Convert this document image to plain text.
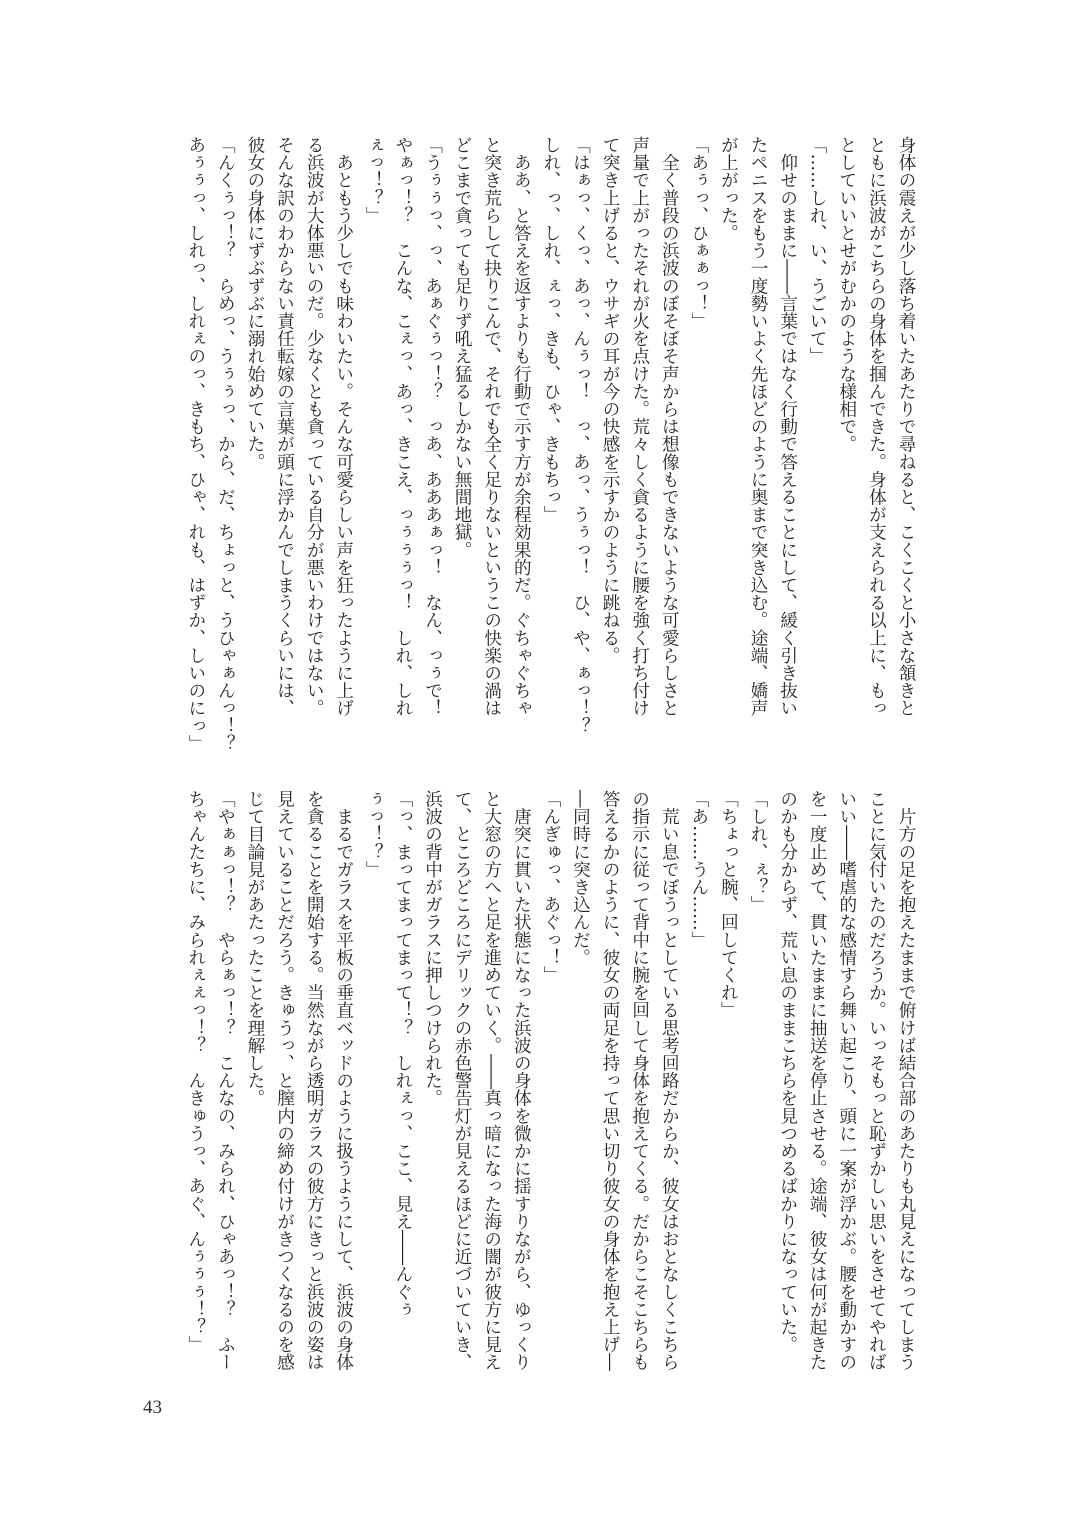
身体の震えが少し落ち着いたあたりで尋ねると、こくこくと小さな頷きと
ともに浜波がこちらの身体を掴んできた。身体が支えられる以上に、もっ
としていいとせがむかのような様相で。
「……しれ、い、うごいて」
　仰せのままに――言葉ではなく行動で答えることにして、緩く引き抜い
たペニスをもう一度勢いよく先ほどのように奥まで突き込む。途端、嬌声
が上がった。
「あぅっ、ひぁぁっ！」
　全く普段の浜波のぼそぼそ声からは想像もできないような可愛らしさと
声量で上がったそれが火を点けた。荒々しく貪るように腰を強く打ち付け
て突き上げると、ウサギの耳が今の快感を示すかのように跳ねる。
「はぁっ、くっ、あっ、んぅっ！　っ、あっ、うぅっ！　ひ、や、ぁっ！？
しれ、っ、しれ、ぇっ、きも、ひゃ、きもちっ」
　ああ、と答えを返すよりも行動で示す方が余程効果的だ。ぐちゃぐちゃ
と突き荒らして抉りこんで、それでも全く足りないというこの快楽の渦は
どこまで貪っても足りず吼え猛るしかない無間地獄。
「うぅぅっ、っ、あぁぐぅっ！？　っあ、あああぁっ！　なん、っぅで！
やぁっ！？　こんな、こぇっ、あっ、きこえ、っぅぅぅっ！　しれ、しれ
ぇっ！？」
　あともう少しでも味わいたい。そんな可愛らしい声を狂ったように上げ
る浜波が大体悪いのだ。少なくとも貪っている自分が悪いわけではない。
そんな訳のわからない責任転嫁の言葉が頭に浮かんでしまうくらいには、
彼女の身体にずぶずぶに溺れ始めていた。
「んくぅっ！？　らめっ、うぅぅっ、から、だ、ちょっと、うひゃぁんっ！？
あぅぅっ、しれっ、しれぇのっ、きもち、ひゃ、れも、はずか、しいのにっ」
　片方の足を抱えたままで俯けば結合部のあたりも丸見えになってしまう
ことに気付いたのだろうか。いっそもっと恥ずかしい思いをさせてやれば
いい――嗜虐的な感情すら舞い起こり、頭に一案が浮かぶ。腰を動かすの
を一度止めて、貫いたままに抽送を停止させる。途端、彼女は何が起きた
のかも分からず、荒い息のままこちらを見つめるばかりになっていた。
「しれ、ぇ？」
「ちょっと腕、回してくれ」
「あ……うん……」
　荒い息でぼうっとしている思考回路だからか、彼女はおとなしくこちら
の指示に従って背中に腕を回して身体を抱えてくる。だからこそこちらも
答えるかのように、彼女の両足を持って思い切り彼女の身体を抱え上げ―
―同時に突き込んだ。
「んぎゅっ、あぐっ！」
　唐突に貫いた状態になった浜波の身体を微かに揺すりながら、ゆっくり
と大窓の方へと足を進めていく。――真っ暗になった海の闇が彼方に見え
て、ところどころにデリックの赤色警告灯が見えるほどに近づいていき、
浜波の背中がガラスに押しつけられた。
「っ、まってまってまって！？　しれぇっ、ここ、見え――んぐぅ
ぅっ！？」
　まるでガラスを平板の垂直ベッドのように扱うようにして、浜波の身体
を貪ることを開始する。当然ながら透明ガラスの彼方にきっと浜波の姿は
見えていることだろう。きゅうっ、と膣内の締め付けがきつくなるのを感
じて目論見があたったことを理解した。
「やぁぁっ！？　やらぁっ！？　こんなの、みられ、ひゃあっ！？　ふー
ちゃんたちに、みられぇぇっ！？　んきゅうっ、あぐ、んぅぅぅ！？」
43
